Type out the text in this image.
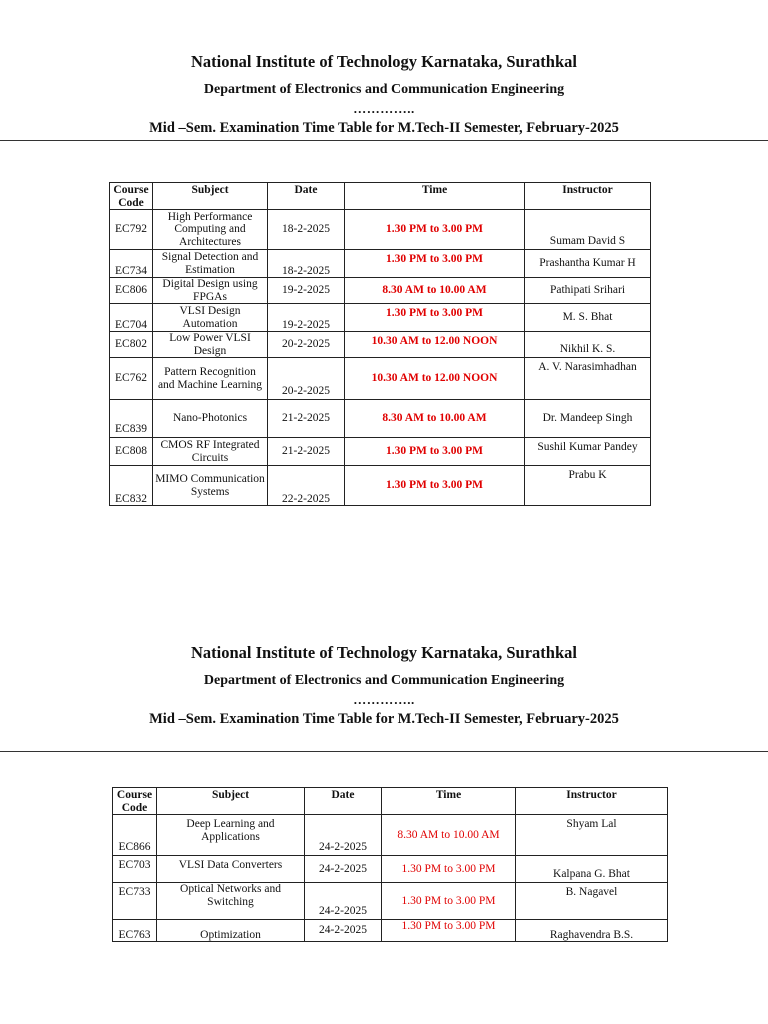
National Institute of Technology Karnataka, Surathkal
Department of Electronics and Communication Engineering
…………..
Mid –Sem. Examination Time Table for M.Tech-II Semester, February-2025
Course Code	Subject	Date	Time	Instructor
EC792	High Performance Computing and Architectures	18-2-2025	1.30 PM to 3.00 PM	Sumam David S
EC734	Signal Detection and Estimation	18-2-2025	1.30 PM to 3.00 PM	Prashantha Kumar H
EC806	Digital Design using FPGAs	19-2-2025	8.30 AM to 10.00 AM	Pathipati Srihari
EC704	VLSI Design Automation	19-2-2025	1.30 PM to 3.00 PM	M. S. Bhat
EC802	Low Power VLSI Design	20-2-2025	10.30 AM to 12.00 NOON	Nikhil K. S.
EC762	Pattern Recognition and Machine Learning	20-2-2025	10.30 AM to 12.00 NOON	A. V. Narasimhadhan
EC839	Nano-Photonics	21-2-2025	8.30 AM to 10.00 AM	Dr. Mandeep Singh
EC808	CMOS RF Integrated Circuits	21-2-2025	1.30 PM to 3.00 PM	Sushil Kumar Pandey
EC832	MIMO Communication Systems	22-2-2025	1.30 PM to 3.00 PM	Prabu K
National Institute of Technology Karnataka, Surathkal
Department of Electronics and Communication Engineering
…………..
Mid –Sem. Examination Time Table for M.Tech-II Semester, February-2025
Course Code	Subject	Date	Time	Instructor
EC866	Deep Learning and Applications	24-2-2025	8.30 AM to 10.00 AM	Shyam Lal
EC703	VLSI Data Converters	24-2-2025	1.30 PM to 3.00 PM	Kalpana G. Bhat
EC733	Optical Networks and Switching	24-2-2025	1.30 PM to 3.00 PM	B. Nagavel
EC763	Optimization	24-2-2025	1.30 PM to 3.00 PM	Raghavendra B.S.
